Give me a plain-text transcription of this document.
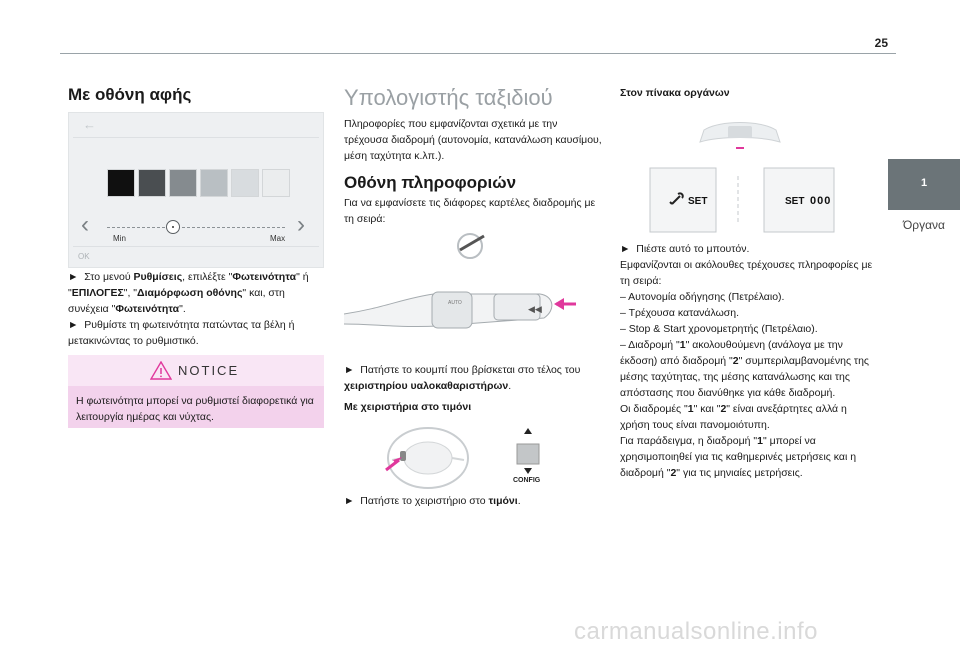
25
1
Όργανα
Με οθόνη αφής
←
‹	›
Min	Max
OK
► Στο μενού Ρυθμίσεις, επιλέξτε "Φωτεινότητα" ή "ΕΠΙΛΟΓΕΣ", "Διαμόρφωση οθόνης" και, στη συνέχεια "Φωτεινότητα".
► Ρυθμίστε τη φωτεινότητα πατώντας τα βέλη ή μετακινώντας το ρυθμιστικό.
NOTICE
Η φωτεινότητα μπορεί να ρυθμιστεί διαφορετικά για λειτουργία ημέρας και νύχτας.
Υπολογιστής ταξιδιού
Πληροφορίες που εμφανίζονται σχετικά με την τρέχουσα διαδρομή (αυτονομία, κατανάλωση καυσίμου, μέση ταχύτητα κ.λπ.).
Οθόνη πληροφοριών
Για να εμφανίσετε τις διάφορες καρτέλες διαδρομής με τη σειρά:
AUTO
◀◀
► Πατήστε το κουμπί που βρίσκεται στο τέλος του χειριστηρίου υαλοκαθαριστήρων.
Με χειριστήρια στο τιμόνι
CONFIG
► Πατήστε το χειριστήριο στο τιμόνι.
Στον πίνακα οργάνων
SET	SET 000
► Πιέστε αυτό το μπουτόν.
Εμφανίζονται οι ακόλουθες τρέχουσες πληροφορίες με τη σειρά:
– Αυτονομία οδήγησης (Πετρέλαιο).
– Τρέχουσα κατανάλωση.
– Stop & Start χρονομετρητής (Πετρέλαιο).
– Διαδρομή "1" ακολουθούμενη (ανάλογα με την έκδοση) από διαδρομή "2" συμπεριλαμβανομένης της μέσης ταχύτητας, της μέσης κατανάλωσης και της απόστασης που διανύθηκε για κάθε διαδρομή.
Οι διαδρομές "1" και "2" είναι ανεξάρτητες αλλά η χρήση τους είναι πανομοιότυπη.
Για παράδειγμα, η διαδρομή "1" μπορεί να χρησιμοποιηθεί για τις καθημερινές μετρήσεις και η διαδρομή "2" για τις μηνιαίες μετρήσεις.
carmanualsonline.info
